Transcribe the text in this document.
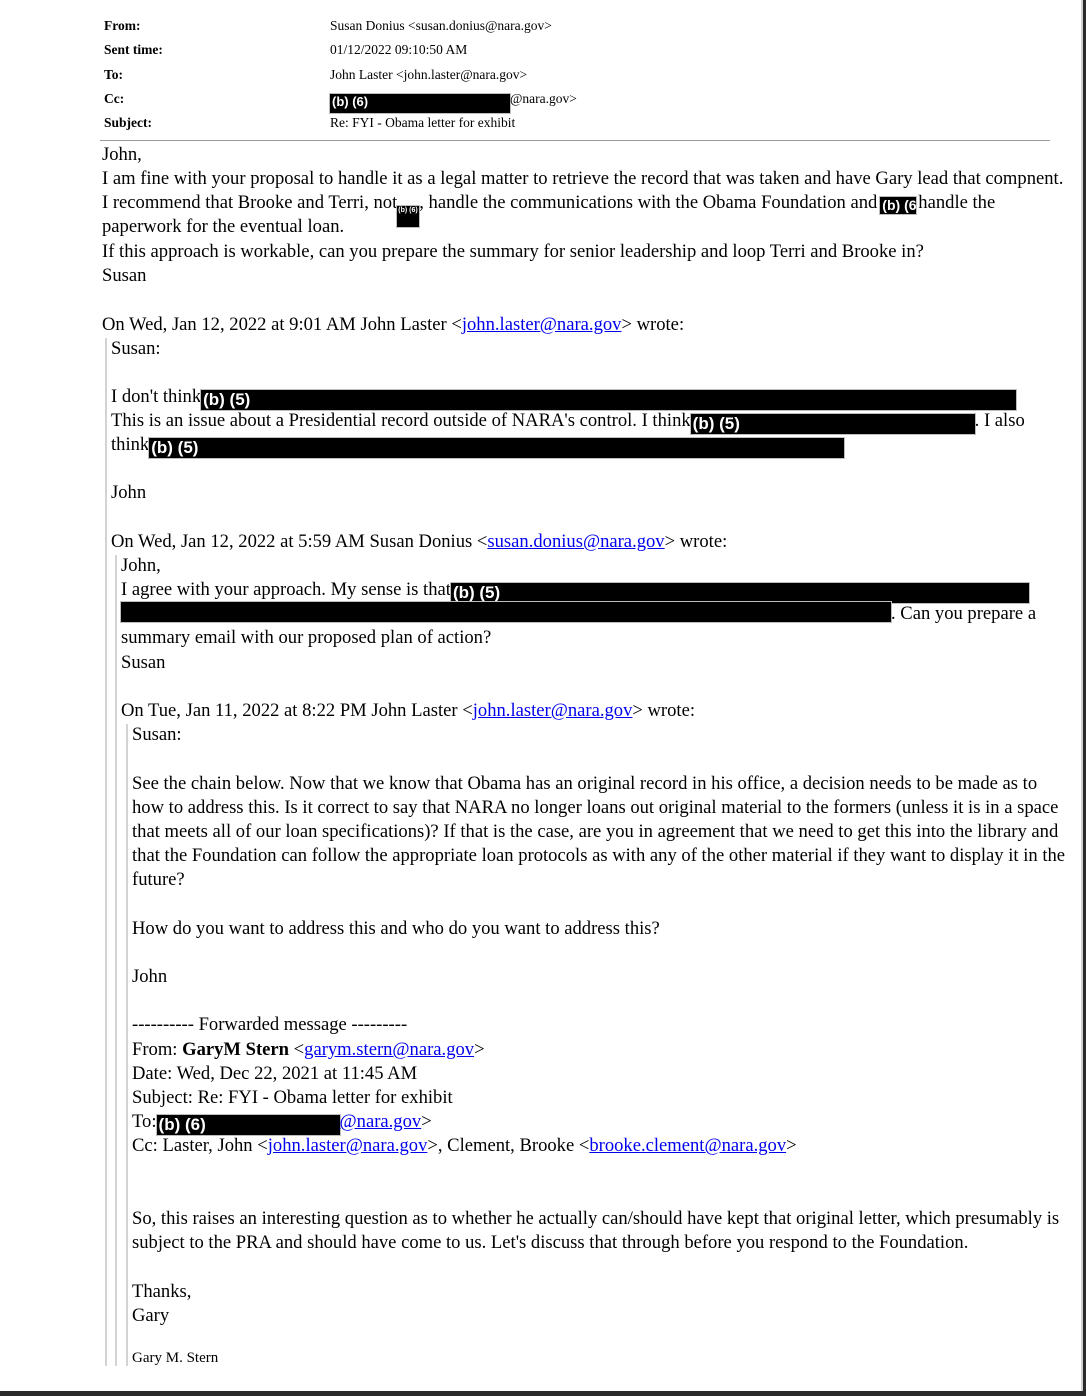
From:	Susan Donius <susan.donius@nara.gov>
Sent time:	01/12/2022 09:10:50 AM
To:	John Laster <john.laster@nara.gov>
Cc:	(b) (6)	@nara.gov>
Subject:	Re: FYI - Obama letter for exhibit
John,
I am fine with your proposal to handle it as a legal matter to retrieve the record that was taken and have Gary lead that compnent.
I recommend that Brooke and Terri, not(b) (6), handle the communications with the Obama Foundation and (b) (6)handle the
paperwork for the eventual loan.
If this approach is workable, can you prepare the summary for senior leadership and loop Terri and Brooke in?
Susan
On Wed, Jan 12, 2022 at 9:01 AM John Laster <john.laster@nara.gov> wrote:
Susan:
I don't think (b) (5)
This is an issue about a Presidential record outside of NARA's control. I think (b) (5)	. I also
think (b) (5)
John
On Wed, Jan 12, 2022 at 5:59 AM Susan Donius <susan.donius@nara.gov> wrote:
John,
I agree with your approach. My sense is that (b) (5)
. Can you prepare a
summary email with our proposed plan of action?
Susan
On Tue, Jan 11, 2022 at 8:22 PM John Laster <john.laster@nara.gov> wrote:
Susan:
See the chain below. Now that we know that Obama has an original record in his office, a decision needs to be made as to
how to address this. Is it correct to say that NARA no longer loans out original material to the formers (unless it is in a space
that meets all of our loan specifications)? If that is the case, are you in agreement that we need to get this into the library and
that the Foundation can follow the appropriate loan protocols as with any of the other material if they want to display it in the
future?
How do you want to address this and who do you want to address this?
John
---------- Forwarded message ---------
From: GaryM Stern <garym.stern@nara.gov>
Date: Wed, Dec 22, 2021 at 11:45 AM
Subject: Re: FYI - Obama letter for exhibit
To: (b) (6)	@nara.gov>
Cc: Laster, John <john.laster@nara.gov>, Clement, Brooke <brooke.clement@nara.gov>
So, this raises an interesting question as to whether he actually can/should have kept that original letter, which presumably is
subject to the PRA and should have come to us. Let's discuss that through before you respond to the Foundation.
Thanks,
Gary
Gary M. Stern
